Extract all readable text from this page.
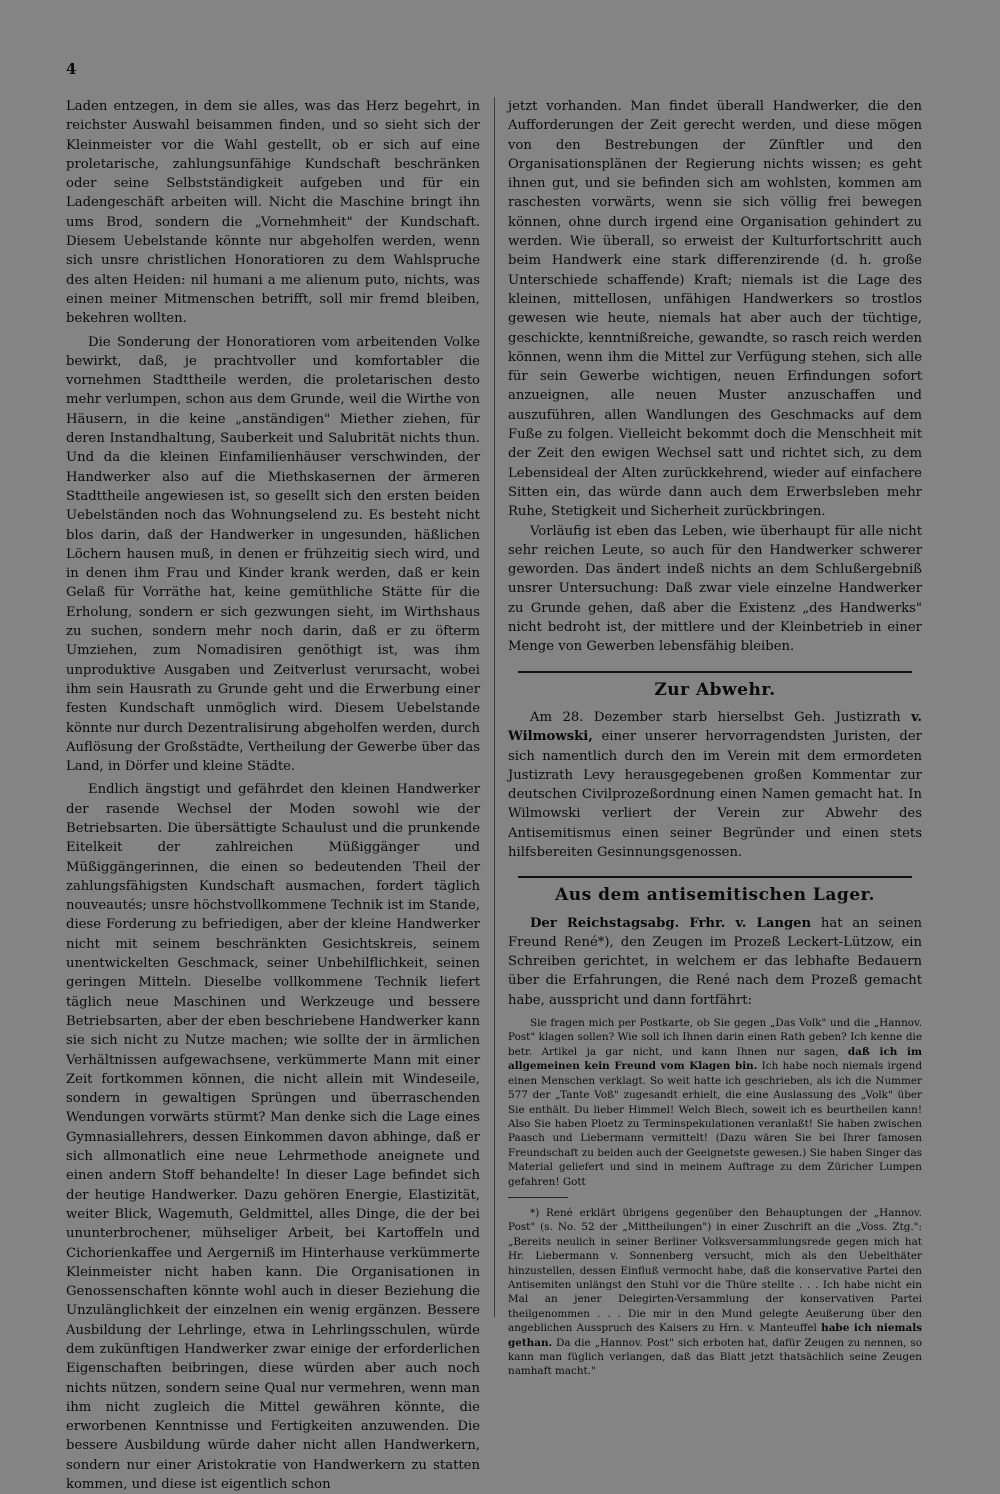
4

Laden entzegen, in dem sie alles, was das Herz begehrt, in reichster Auswahl beisammen finden, und so sieht sich der Kleinmeister vor die Wahl gestellt, ob er sich auf eine proletarische, zahlungsunfähige Kundschaft beschränken oder seine Selbstständigkeit aufgeben und für ein Ladengeschäft arbeiten will. Nicht die Maschine bringt ihn ums Brod, sondern die „Vornehmheit" der Kundschaft. Diesem Uebelstande könnte nur abgeholfen werden, wenn sich unsre christlichen Honoratioren zu dem Wahlspruche des alten Heiden: nil humani a me alienum puto, nichts, was einen meiner Mitmenschen betrifft, soll mir fremd bleiben, bekehren wollten.

Die Sonderung der Honoratioren vom arbeitenden Volke bewirkt, daß, je prachtvoller und komfortabler die vornehmen Stadttheile werden, die proletarischen desto mehr verlumpen, schon aus dem Grunde, weil die Wirthe von Häusern, in die keine „anständigen" Miether ziehen, für deren Instandhaltung, Sauberkeit und Salubrität nichts thun. Und da die kleinen Einfamilienhäuser verschwinden, der Handwerker also auf die Miethskasernen der ärmeren Stadttheile angewiesen ist, so gesellt sich den ersten beiden Uebelständen noch das Wohnungselend zu. Es besteht nicht blos darin, daß der Handwerker in ungesunden, häßlichen Löchern hausen muß, in denen er frühzeitig siech wird, und in denen ihm Frau und Kinder krank werden, daß er kein Gelaß für Vorräthe hat, keine gemüthliche Stätte für die Erholung, sondern er sich gezwungen sieht, im Wirthshaus zu suchen, sondern mehr noch darin, daß er zu öfterm Umziehen, zum Nomadisiren genöthigt ist, was ihm unproduktive Ausgaben und Zeitverlust verursacht, wobei ihm sein Hausrath zu Grunde geht und die Erwerbung einer festen Kundschaft unmöglich wird. Diesem Uebelstande könnte nur durch Dezentralisirung abgeholfen werden, durch Auflösung der Großstädte, Vertheilung der Gewerbe über das Land, in Dörfer und kleine Städte.

Endlich ängstigt und gefährdet den kleinen Handwerker der rasende Wechsel der Moden sowohl wie der Betriebsarten. Die übersättigte Schaulust und die prunkende Eitelkeit der zahlreichen Müßiggänger und Müßiggängerinnen, die einen so bedeutenden Theil der zahlungsfähigsten Kundschaft ausmachen, fordert täglich nouveautés; unsre höchstvollkommene Technik ist im Stande, diese Forderung zu befriedigen, aber der kleine Handwerker nicht mit seinem beschränkten Gesichtskreis, seinem unentwickelten Geschmack, seiner Unbehilflichkeit, seinen geringen Mitteln. Dieselbe vollkommene Technik liefert täglich neue Maschinen und Werkzeuge und bessere Betriebsarten, aber der eben beschriebene Handwerker kann sie sich nicht zu Nutze machen; wie sollte der in ärmlichen Verhältnissen aufgewachsene, verkümmerte Mann mit einer Zeit fortkommen können, die nicht allein mit Windeseile, sondern in gewaltigen Sprüngen und überraschenden Wendungen vorwärts stürmt? Man denke sich die Lage eines Gymnasiallehrers, dessen Einkommen davon abhinge, daß er sich allmonatlich eine neue Lehrmethode aneignete und einen andern Stoff behandelte! In dieser Lage befindet sich der heutige Handwerker. Dazu gehören Energie, Elastizität, weiter Blick, Wagemuth, Geldmittel, alles Dinge, die der bei ununterbrochener, mühseliger Arbeit, bei Kartoffeln und Cichorienkaffee und Aergerniß im Hinterhause verkümmerte Kleinmeister nicht haben kann. Die Organisationen in Genossenschaften könnte wohl auch in dieser Beziehung die Unzulänglichkeit der einzelnen ein wenig ergänzen. Bessere Ausbildung der Lehrlinge, etwa in Lehrlingsschulen, würde dem zukünftigen Handwerker zwar einige der erforderlichen Eigenschaften beibringen, diese würden aber auch noch nichts nützen, sondern seine Qual nur vermehren, wenn man ihm nicht zugleich die Mittel gewähren könnte, die erworbenen Kenntnisse und Fertigkeiten anzuwenden. Die bessere Ausbildung würde daher nicht allen Handwerkern, sondern nur einer Aristokratie von Handwerkern zu statten kommen, und diese ist eigentlich schon

jetzt vorhanden. Man findet überall Handwerker, die den Aufforderungen der Zeit gerecht werden, und diese mögen von den Bestrebungen der Zünftler und den Organisationsplänen der Regierung nichts wissen; es geht ihnen gut, und sie befinden sich am wohlsten, kommen am raschesten vorwärts, wenn sie sich völlig frei bewegen können, ohne durch irgend eine Organisation gehindert zu werden. Wie überall, so erweist der Kulturfortschritt auch beim Handwerk eine stark differenzirende (d. h. große Unterschiede schaffende) Kraft; niemals ist die Lage des kleinen, mittellosen, unfähigen Handwerkers so trostlos gewesen wie heute, niemals hat aber auch der tüchtige, geschickte, kenntnißreiche, gewandte, so rasch reich werden können, wenn ihm die Mittel zur Verfügung stehen, sich alle für sein Gewerbe wichtigen, neuen Erfindungen sofort anzueignen, alle neuen Muster anzuschaffen und auszuführen, allen Wandlungen des Geschmacks auf dem Fuße zu folgen. Vielleicht bekommt doch die Menschheit mit der Zeit den ewigen Wechsel satt und richtet sich, zu dem Lebensideal der Alten zurückkehrend, wieder auf einfachere Sitten ein, das würde dann auch dem Erwerbsleben mehr Ruhe, Stetigkeit und Sicherheit zurückbringen.

Vorläufig ist eben das Leben, wie überhaupt für alle nicht sehr reichen Leute, so auch für den Handwerker schwerer geworden. Das ändert indeß nichts an dem Schlußergebniß unsrer Untersuchung: Daß zwar viele einzelne Handwerker zu Grunde gehen, daß aber die Existenz „des Handwerks" nicht bedroht ist, der mittlere und der Kleinbetrieb in einer Menge von Gewerben lebensfähig bleiben.

Zur Abwehr.

Am 28. Dezember starb hierselbst Geh. Justizrath v. Wilmowski, einer unserer hervorragendsten Juristen, der sich namentlich durch den im Verein mit dem ermordeten Justizrath Levy herausgegebenen großen Kommentar zur deutschen Civilprozeßordnung einen Namen gemacht hat. In Wilmowski verliert der Verein zur Abwehr des Antisemitismus einen seiner Begründer und einen stets hilfsbereiten Gesinnungsgenossen.

Aus dem antisemitischen Lager.

Der Reichstagsabg. Frhr. v. Langen hat an seinen Freund René*), den Zeugen im Prozeß Leckert-Lützow, ein Schreiben gerichtet, in welchem er das lebhafte Bedauern über die Erfahrungen, die René nach dem Prozeß gemacht habe, ausspricht und dann fortfährt:

Sie fragen mich per Postkarte, ob Sie gegen „Das Volk" und die „Hannov. Post" klagen sollen? Wie soll ich Ihnen darin einen Rath geben? Ich kenne die betr. Artikel ja gar nicht, und kann Ihnen nur sagen, daß ich im allgemeinen kein Freund vom Klagen bin. Ich habe noch niemals irgend einen Menschen verklagt. So weit hatte ich geschrieben, als ich die Nummer 577 der „Tante Voß" zugesandt erhielt, die eine Auslassung des „Volk" über Sie enthält. Du lieber Himmel! Welch Blech, soweit ich es beurtheilen kann! Also Sie haben Ploetz zu Terminspekulationen veranlaßt! Sie haben zwischen Paasch und Liebermann vermittelt! (Dazu wären Sie bei Ihrer famosen Freundschaft zu beiden auch der Geeignetste gewesen.) Sie haben Singer das Material geliefert und sind in meinem Auftrage zu dem Züricher Lumpen gefahren! Gott

*) René erklärt übrigens gegenüber den Behauptungen der „Hannov. Post" (s. No. 52 der „Mittheilungen") in einer Zuschrift an die „Voss. Ztg.": „Bereits neulich in seiner Berliner Volksversammlungsrede gegen mich hat Hr. Liebermann v. Sonnenberg versucht, mich als den Uebelthäter hinzustellen, dessen Einfluß vermocht habe, daß die konservative Partei den Antisemiten unlängst den Stuhl vor die Thüre stellte . . . Ich habe nicht ein Mal an jener Delegirten-Versammlung der konservativen Partei theilgenommen . . . Die mir in den Mund gelegte Aeußerung über den angeblichen Ausspruch des Kaisers zu Hrn. v. Manteuffel habe ich niemals gethan. Da die „Hannov. Post" sich erboten hat, dafür Zeugen zu nennen, so kann man füglich verlangen, daß das Blatt jetzt thatsächlich seine Zeugen namhaft macht."
